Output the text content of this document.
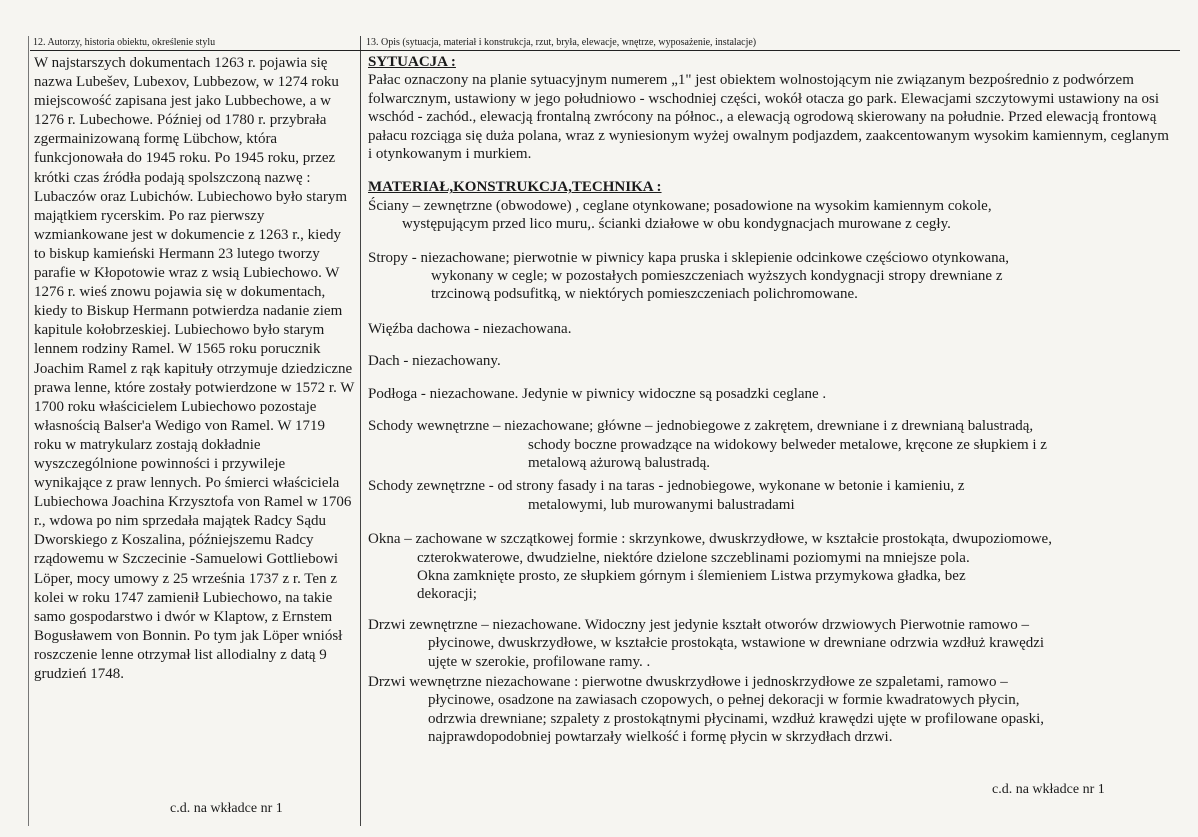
12. Autorzy, historia obiektu, określenie stylu	13. Opis (sytuacja, materiał i konstrukcja, rzut, bryła, elewacje, wnętrze, wyposażenie, instalacje)

W najstarszych dokumentach 1263 r. pojawia się nazwa Lubešev, Lubexov, Lubbezow, w 1274 roku miejscowość zapisana jest jako Lubbechowe, a w 1276 r. Lubechowe. Później od 1780 r. przybrała zgermainizowaną formę Lübchow, która funkcjonowała do 1945 roku. Po 1945 roku, przez krótki czas źródła podają spolszczoną nazwę : Lubaczów oraz Lubichów. Lubiechowo było starym majątkiem rycerskim. Po raz pierwszy wzmiankowane jest w dokumencie z 1263 r., kiedy to biskup kamieński Hermann 23 lutego tworzy parafie w Kłopotowie wraz z wsią Lubiechowo. W 1276 r. wieś znowu pojawia się w dokumentach, kiedy to Biskup Hermann potwierdza nadanie ziem kapitule kołobrzeskiej. Lubiechowo było starym lennem rodziny Ramel. W 1565 roku porucznik Joachim Ramel z rąk kapituły otrzymuje dziedziczne prawa lenne, które zostały potwierdzone w 1572 r. W 1700 roku właścicielem Lubiechowo pozostaje własnością Balser'a Wedigo von Ramel. W 1719 roku w matrykularz zostają dokładnie wyszczególnione powinności i przywileje wynikające z praw lennych. Po śmierci właściciela Lubiechowa Joachina Krzysztofa von Ramel w 1706 r., wdowa po nim sprzedała majątek Radcy Sądu Dworskiego z Koszalina, późniejszemu Radcy rządowemu w Szczecinie -Samuelowi Gottliebowi Löper, mocy umowy z 25 września 1737 z r. Ten z kolei w roku 1747 zamienił Lubiechowo, na takie samo gospodarstwo i dwór w Klaptow, z Ernstem Bogusławem von Bonnin. Po tym jak Löper wniósł roszczenie lenne otrzymał list allodialny z datą 9 grudzień 1748.

c.d. na wkładce nr 1

SYTUACJA :

Pałac oznaczony na planie sytuacyjnym numerem „1" jest obiektem wolnostojącym nie związanym bezpośrednio z podwórzem folwarcznym, ustawiony w jego południowo - wschodniej części, wokół otacza go park. Elewacjami szczytowymi ustawiony na osi wschód - zachód., elewacją frontalną zwrócony na północ., a elewacją ogrodową skierowany na południe. Przed elewacją frontową pałacu rozciąga się duża polana, wraz z wyniesionym wyżej owalnym podjazdem, zaakcentowanym wysokim kamiennym, ceglanym i otynkowanym i murkiem.

MATERIAŁ,KONSTRUKCJA,TECHNIKA :

Ściany – zewnętrzne (obwodowe) , ceglane otynkowane; posadowione na wysokim kamiennym cokole,

występującym przed lico muru,. ścianki działowe w obu kondygnacjach murowane z cegły.

Stropy - niezachowane; pierwotnie w piwnicy kapa pruska i sklepienie odcinkowe częściowo otynkowana,

wykonany w cegle; w pozostałych pomieszczeniach wyższych kondygnacji stropy drewniane z

trzcinową podsufitką, w niektórych pomieszczeniach polichromowane.

Więźba dachowa - niezachowana.

Dach - niezachowany.

Podłoga - niezachowane. Jedynie w piwnicy widoczne są posadzki ceglane .

Schody wewnętrzne – niezachowane; główne – jednobiegowe z zakrętem, drewniane i z drewnianą balustradą,

schody boczne prowadzące na widokowy belweder metalowe, kręcone ze słupkiem i z

metalową ażurową balustradą.

Schody zewnętrzne - od strony fasady i na taras - jednobiegowe, wykonane w betonie i kamieniu, z

metalowymi, lub murowanymi balustradami

Okna – zachowane w szczątkowej formie : skrzynkowe, dwuskrzydłowe, w kształcie prostokąta, dwupoziomowe,

czterokwaterowe, dwudzielne, niektóre dzielone szczeblinami poziomymi na mniejsze pola.

Okna zamknięte prosto, ze słupkiem górnym i ślemieniem Listwa przymykowa gładka, bez

dekoracji;

Drzwi zewnętrzne – niezachowane. Widoczny jest jedynie kształt otworów drzwiowych Pierwotnie ramowo –

płycinowe, dwuskrzydłowe, w kształcie prostokąta, wstawione w drewniane odrzwia wzdłuż krawędzi

ujęte w szerokie, profilowane ramy. .

Drzwi wewnętrzne niezachowane : pierwotne dwuskrzydłowe i jednoskrzydłowe ze szpaletami, ramowo –

płycinowe, osadzone na zawiasach czopowych, o pełnej dekoracji w formie kwadratowych płycin,

odrzwia drewniane; szpalety z prostokątnymi płycinami, wzdłuż krawędzi ujęte w profilowane opaski,

najprawdopodobniej powtarzały wielkość i formę płycin w skrzydłach drzwi.

c.d. na wkładce nr 1
